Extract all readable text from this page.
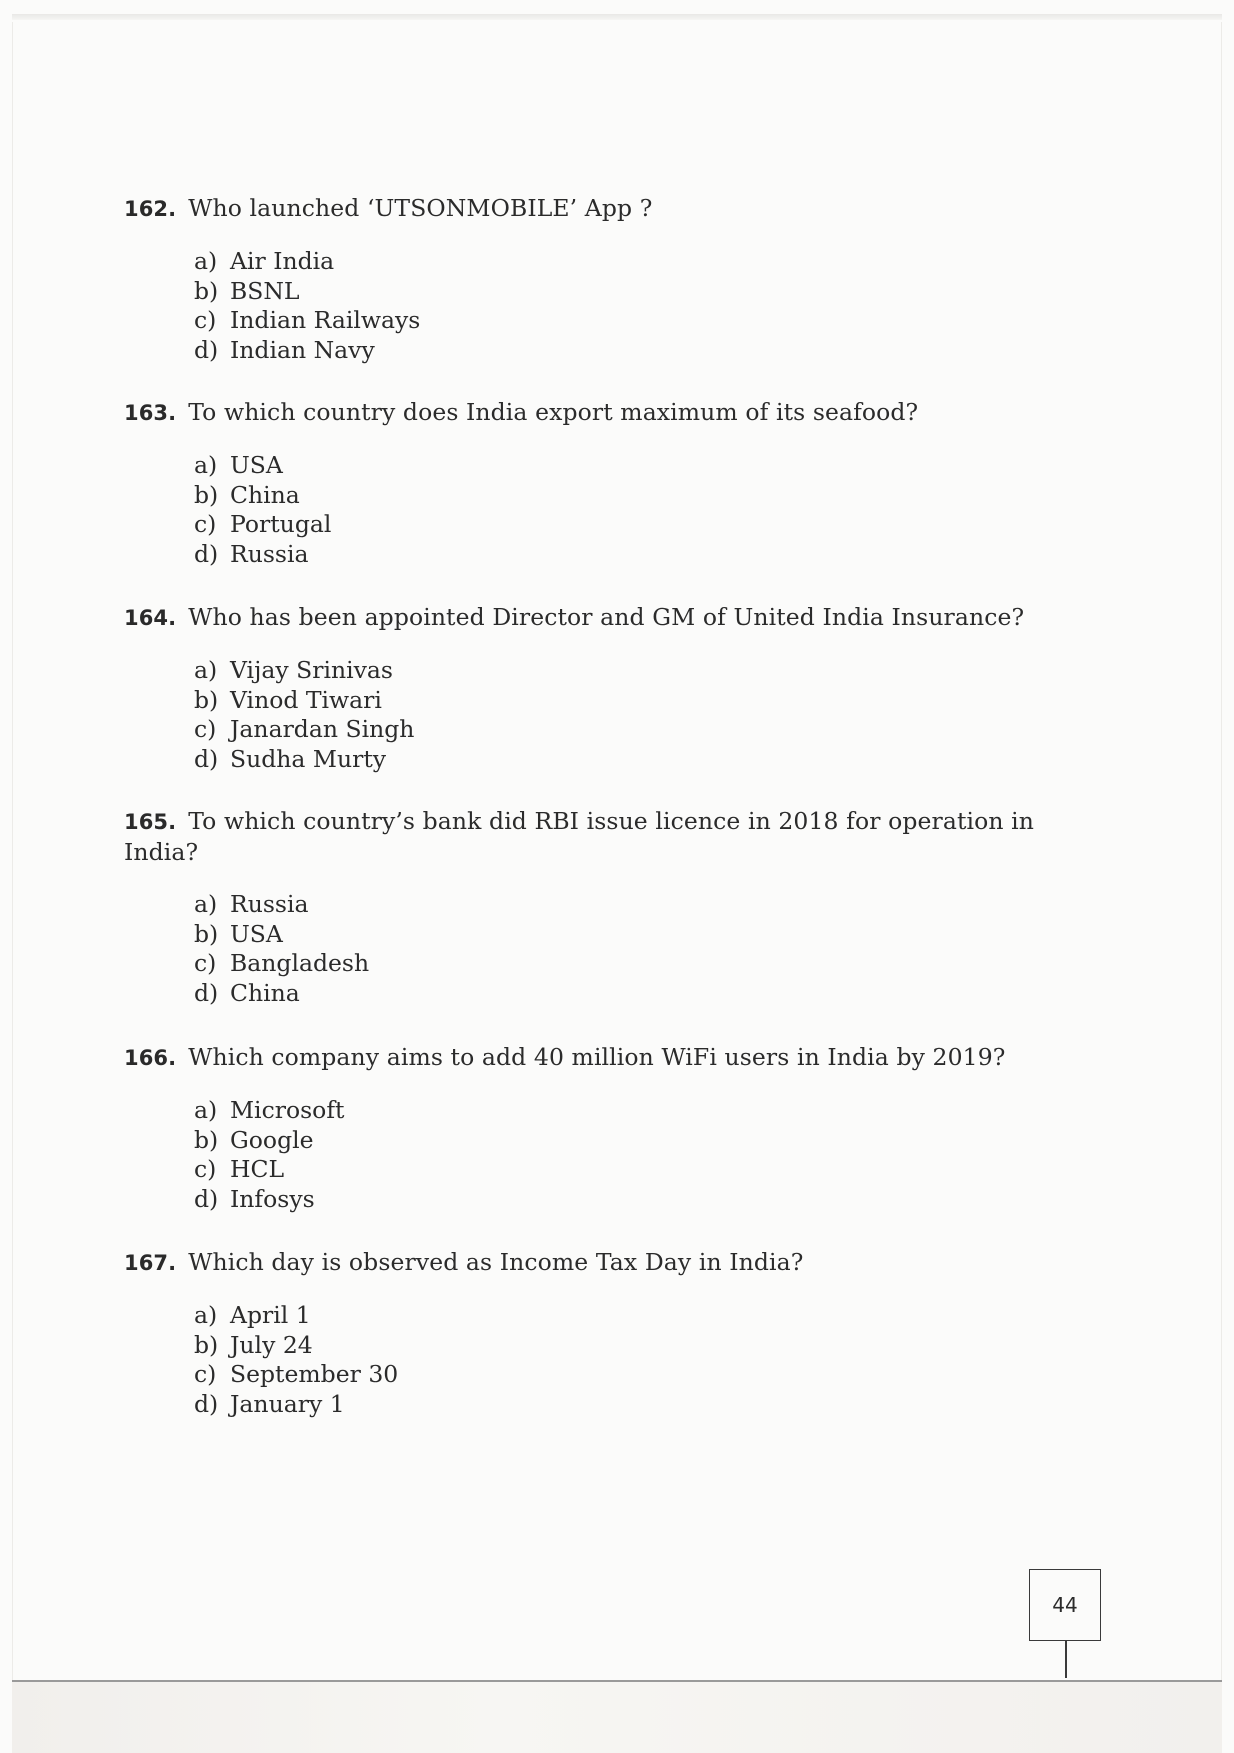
162. Who launched ‘UTSONMOBILE’ App ?
a) Air India
b) BSNL
c) Indian Railways
d) Indian Navy
163. To which country does India export maximum of its seafood?
a) USA
b) China
c) Portugal
d) Russia
164. Who has been appointed Director and GM of United India Insurance?
a) Vijay Srinivas
b) Vinod Tiwari
c) Janardan Singh
d) Sudha Murty
165. To which country’s bank did RBI issue licence in 2018 for operation in India?
a) Russia
b) USA
c) Bangladesh
d) China
166. Which company aims to add 40 million WiFi users in India by 2019?
a) Microsoft
b) Google
c) HCL
d) Infosys
167. Which day is observed as Income Tax Day in India?
a) April 1
b) July 24
c) September 30
d) January 1
44
